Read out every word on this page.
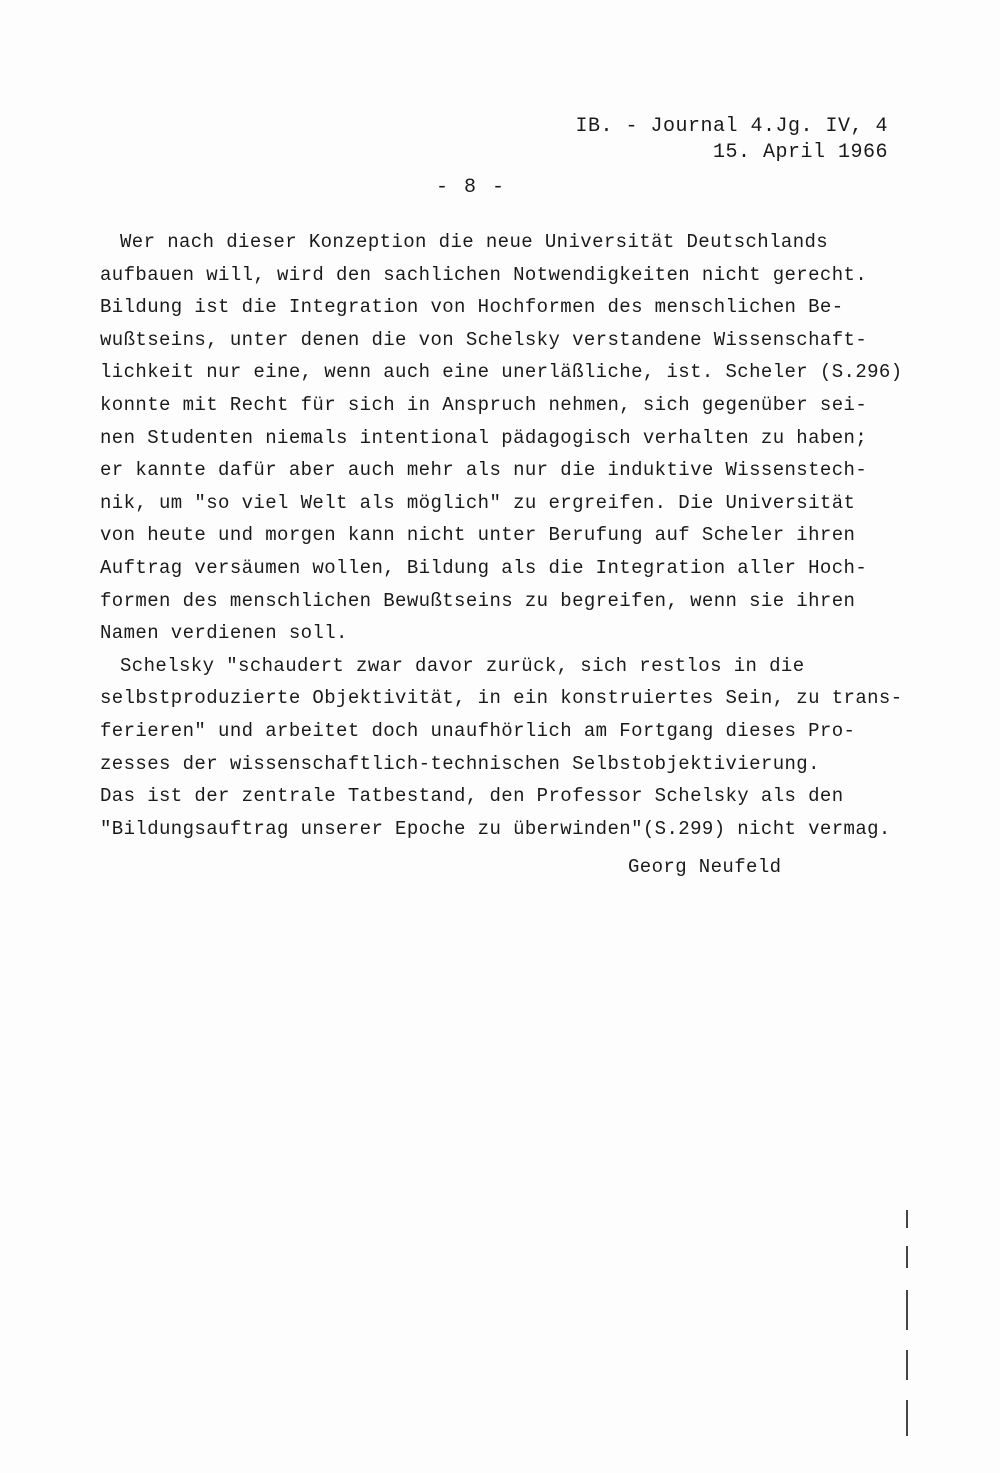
IB. - Journal 4.Jg. IV, 4
15. April 1966
- 8 -
Wer nach dieser Konzeption die neue Universität Deutschlands
aufbauen will, wird den sachlichen Notwendigkeiten nicht gerecht.
Bildung ist die Integration von Hochformen des menschlichen Be-
wußtseins, unter denen die von Schelsky verstandene Wissenschaft-
lichkeit nur eine, wenn auch eine unerläßliche, ist. Scheler (S.296)
konnte mit Recht für sich in Anspruch nehmen, sich gegenüber sei-
nen Studenten niemals intentional pädagogisch verhalten zu haben;
er kannte dafür aber auch mehr als nur die induktive Wissenstech-
nik, um "so viel Welt als möglich" zu ergreifen. Die Universität
von heute und morgen kann nicht unter Berufung auf Scheler ihren
Auftrag versäumen wollen, Bildung als die Integration aller Hoch-
formen des menschlichen Bewußtseins zu begreifen, wenn sie ihren
Namen verdienen soll.
Schelsky "schaudert zwar davor zurück, sich restlos in die
selbstproduzierte Objektivität, in ein konstruiertes Sein, zu trans-
ferieren" und arbeitet doch unaufhörlich am Fortgang dieses Pro-
zesses der wissenschaftlich-technischen Selbstobjektivierung.
Das ist der zentrale Tatbestand, den Professor Schelsky als den
"Bildungsauftrag unserer Epoche zu überwinden"(S.299) nicht vermag.
Georg Neufeld
